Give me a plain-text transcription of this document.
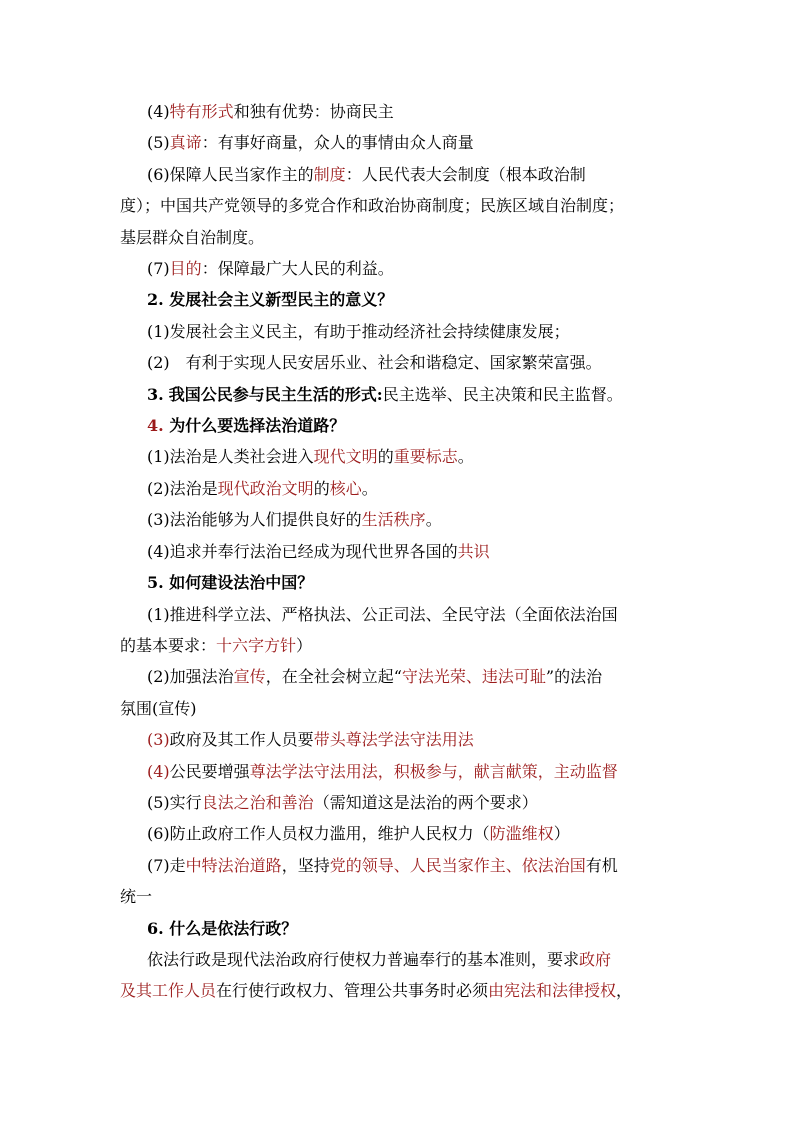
(4)特有形式和独有优势：协商民主
(5)真谛：有事好商量，众人的事情由众人商量
(6)保障人民当家作主的制度：人民代表大会制度（根本政治制
度）；中国共产党领导的多党合作和政治协商制度；民族区域自治制度；
基层群众自治制度。
(7)目的：保障最广大人民的利益。
2. 发展社会主义新型民主的意义？
(1)发展社会主义民主，有助于推动经济社会持续健康发展；
(2)　有利于实现人民安居乐业、社会和谐稳定、国家繁荣富强。
3. 我国公民参与民主生活的形式:民主选举、民主决策和民主监督。
4. 为什么要选择法治道路？
(1)法治是人类社会进入现代文明的重要标志。
(2)法治是现代政治文明的核心。
(3)法治能够为人们提供良好的生活秩序。
(4)追求并奉行法治已经成为现代世界各国的共识
5. 如何建设法治中国？
(1)推进科学立法、严格执法、公正司法、全民守法（全面依法治国
的基本要求：十六字方针）
(2)加强法治宣传，在全社会树立起“守法光荣、违法可耻”的法治
氛围(宣传)
(3)政府及其工作人员要带头尊法学法守法用法
(4)公民要增强尊法学法守法用法，积极参与，献言献策，主动监督
(5)实行良法之治和善治（需知道这是法治的两个要求）
(6)防止政府工作人员权力滥用，维护人民权力（防滥维权）
(7)走中特法治道路，坚持党的领导、人民当家作主、依法治国有机
统一
6. 什么是依法行政？
依法行政是现代法治政府行使权力普遍奉行的基本准则，要求政府
及其工作人员在行使行政权力、管理公共事务时必须由宪法和法律授权，
